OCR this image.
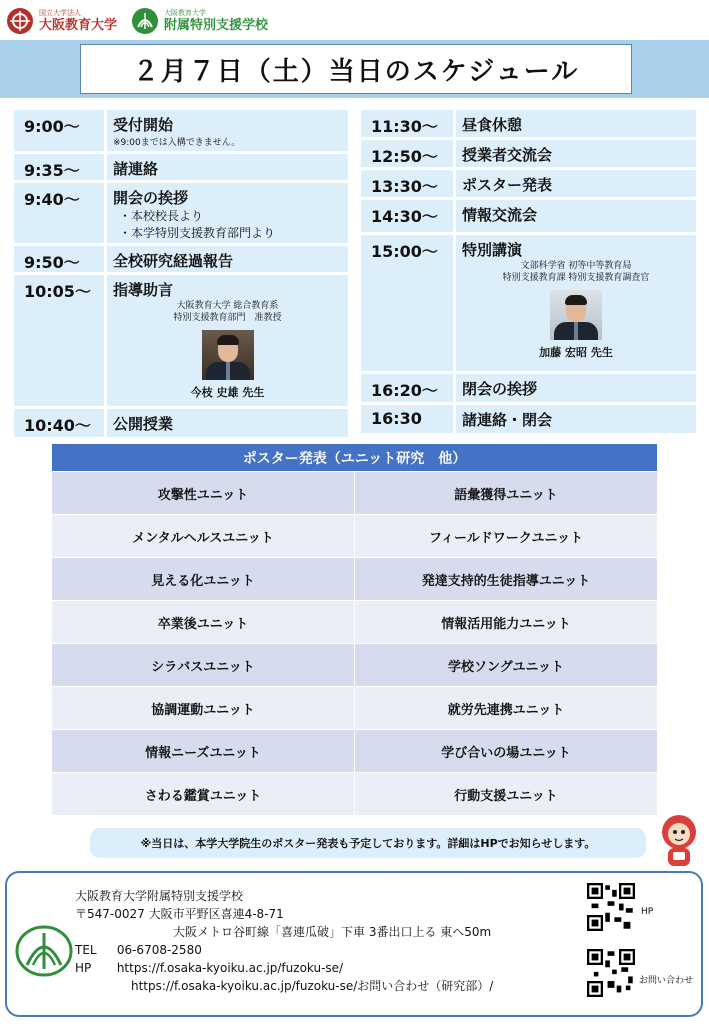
国立大学法人
大阪教育大学
大阪教育大学
附属特別支援学校
２月７日（土）当日のスケジュール
9:00～	受付開始
※9:00までは入構できません。
9:35～	諸連絡
9:40～	開会の挨拶
・本校校長より
・本学特別支援教育部門より
9:50～	全校研究経過報告
10:05～	指導助言
大阪教育大学 総合教育系
特別支援教育部門　准教授
今枝 史雄 先生
10:40～	公開授業
11:30～	昼食休憩
12:50～	授業者交流会
13:30～	ポスター発表
14:30～	情報交流会
15:00～	特別講演
文部科学省 初等中等教育局
特別支援教育課 特別支援教育調査官
加藤 宏昭 先生
16:20～	閉会の挨拶
16:30	諸連絡・閉会
ポスター発表（ユニット研究　他）
攻撃性ユニット	語彙獲得ユニット
メンタルヘルスユニット	フィールドワークユニット
見える化ユニット	発達支持的生徒指導ユニット
卒業後ユニット	情報活用能力ユニット
シラバスユニット	学校ソングユニット
協調運動ユニット	就労先連携ユニット
情報ニーズユニット	学び合いの場ユニット
さわる鑑賞ユニット	行動支援ユニット
※当日は、本学大学院生のポスター発表も予定しております。詳細はHPでお知らせします。
大阪教育大学附属特別支援学校
〒547-0027 大阪市平野区喜連4-8-71
大阪メトロ谷町線「喜連瓜破」下車 3番出口上る 東へ50m
TEL 06-6708-2580
HP https://f.osaka-kyoiku.ac.jp/fuzoku-se/
https://f.osaka-kyoiku.ac.jp/fuzoku-se/お問い合わせ（研究部）/
HP
お問い合わせ
